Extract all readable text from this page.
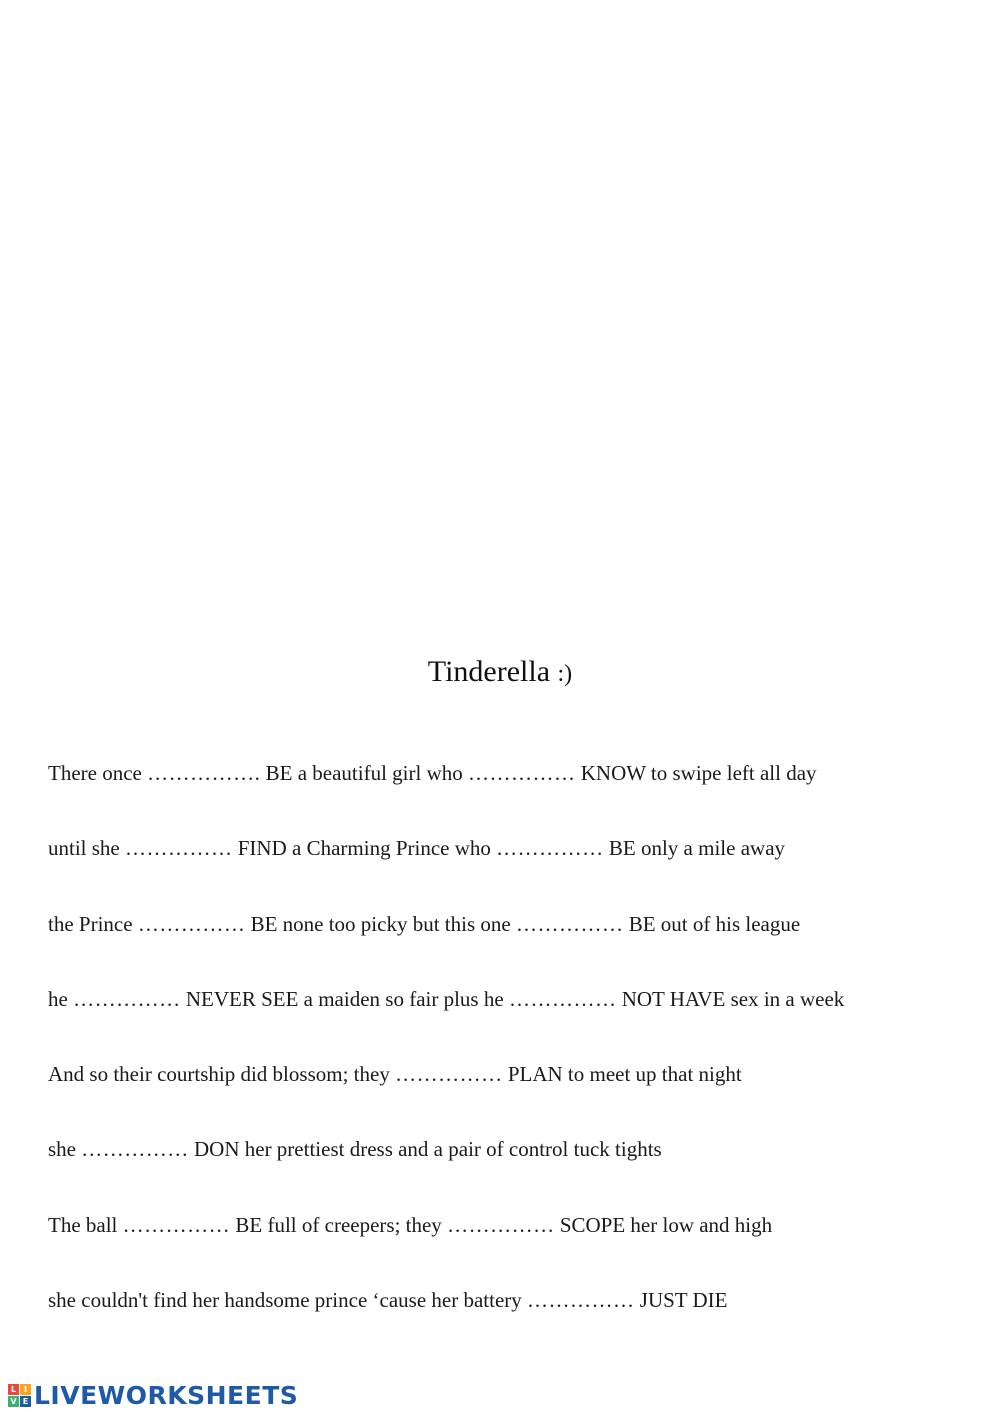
Tinderella :)
There once ……………. BE a beautiful girl who …………… KNOW to swipe left all day
until she …………… FIND a Charming Prince who …………… BE only a mile away
the Prince …………… BE none too picky but this one …………… BE out of his league
he …………… NEVER SEE a maiden so fair plus he …………… NOT HAVE sex in a week
And so their courtship did blossom; they …………… PLAN to meet up that night
she …………… DON her prettiest dress and a pair of control tuck tights
The ball …………… BE full of creepers; they …………… SCOPE her low and high
she couldn't find her handsome prince ‘cause her battery …………… JUST DIE
L I
V E LIVEWORKSHEETS
